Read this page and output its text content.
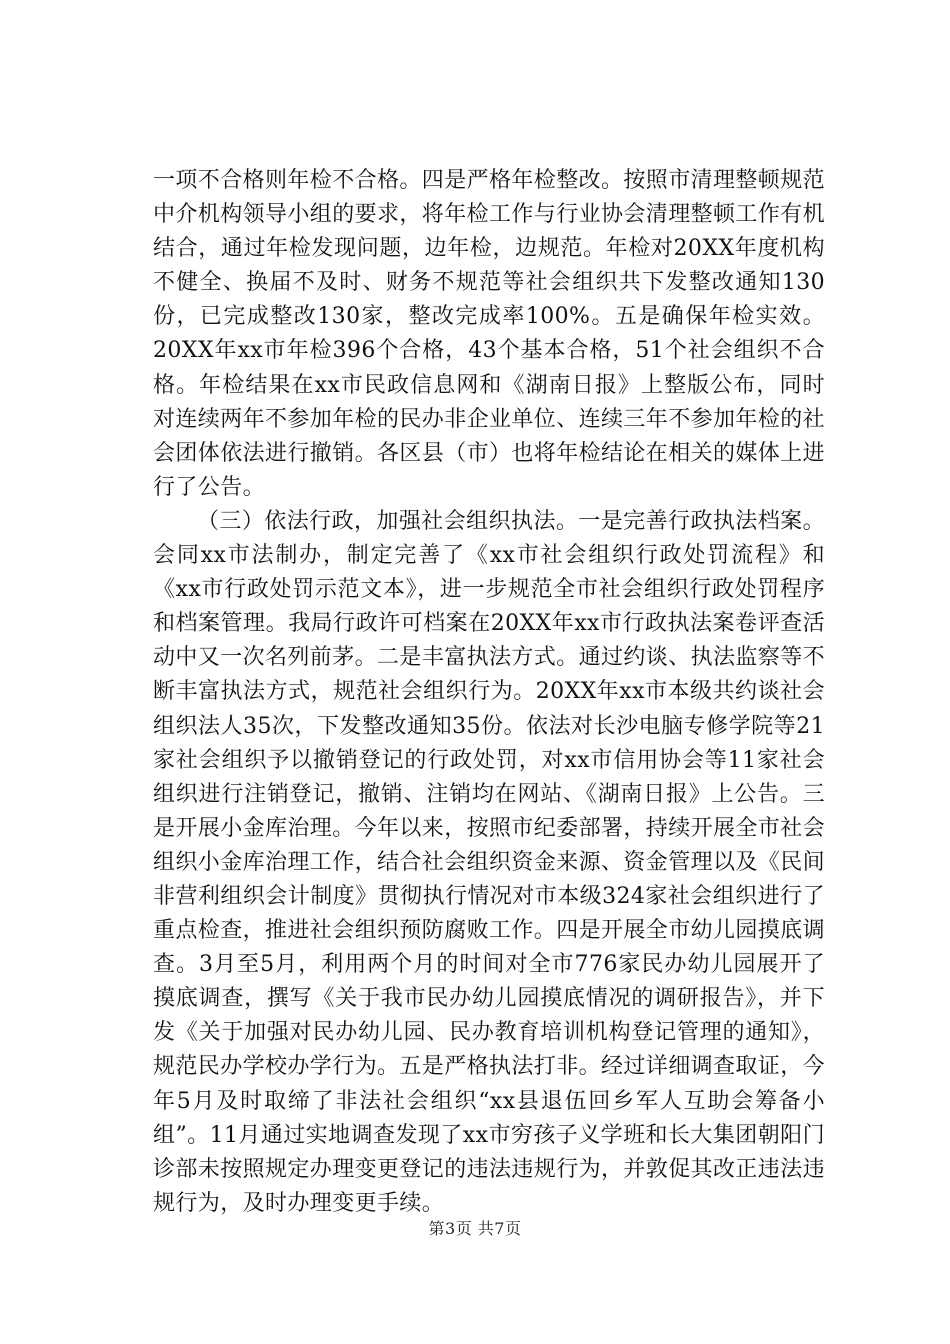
一项不合格则年检不合格。四是严格年检整改。按照市清理整顿规范中介机构领导小组的要求，将年检工作与行业协会清理整顿工作有机结合，通过年检发现问题，边年检，边规范。年检对20XX年度机构不健全、换届不及时、财务不规范等社会组织共下发整改通知130份，已完成整改130家，整改完成率100%。五是确保年检实效。20XX年xx市年检396个合格，43个基本合格，51个社会组织不合格。年检结果在xx市民政信息网和《湖南日报》上整版公布，同时对连续两年不参加年检的民办非企业单位、连续三年不参加年检的社会团体依法进行撤销。各区县（市）也将年检结论在相关的媒体上进行了公告。

（三）依法行政，加强社会组织执法。一是完善行政执法档案。会同xx市法制办，制定完善了《xx市社会组织行政处罚流程》和《xx市行政处罚示范文本》，进一步规范全市社会组织行政处罚程序和档案管理。我局行政许可档案在20XX年xx市行政执法案卷评查活动中又一次名列前茅。二是丰富执法方式。通过约谈、执法监察等不断丰富执法方式，规范社会组织行为。20XX年xx市本级共约谈社会组织法人35次，下发整改通知35份。依法对长沙电脑专修学院等21家社会组织予以撤销登记的行政处罚，对xx市信用协会等11家社会组织进行注销登记，撤销、注销均在网站、《湖南日报》上公告。三是开展小金库治理。今年以来，按照市纪委部署，持续开展全市社会组织小金库治理工作，结合社会组织资金来源、资金管理以及《民间非营利组织会计制度》贯彻执行情况对市本级324家社会组织进行了重点检查，推进社会组织预防腐败工作。四是开展全市幼儿园摸底调查。3月至5月，利用两个月的时间对全市776家民办幼儿园展开了摸底调查，撰写《关于我市民办幼儿园摸底情况的调研报告》，并下发《关于加强对民办幼儿园、民办教育培训机构登记管理的通知》，规范民办学校办学行为。五是严格执法打非。经过详细调查取证，今年5月及时取缔了非法社会组织“xx县退伍回乡军人互助会筹备小组”。11月通过实地调查发现了xx市穷孩子义学班和长大集团朝阳门诊部未按照规定办理变更登记的违法违规行为，并敦促其改正违法违规行为，及时办理变更手续。

第3页 共7页
